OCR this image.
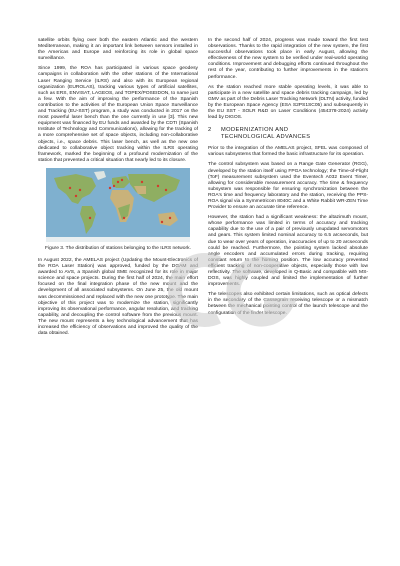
satellite orbits flying over both the eastern Atlantic and the western Mediterranean, making it an important link between sensors installed in the Americas and Europe and reinforcing its role in global space surveillance.

Since 1999, the ROA has participated in various space geodesy campaigns in collaboration with the other stations of the International Laser Ranging Service (ILRS) and also with its European regional organization (EUROLAS), tracking various types of artificial satellites, such as ERS, ENVISAT, LAGEOS, and TOPEX/POSEIDON, to name just a few. With the aim of improving the performance of the Spanish contribution to the activities of the European Union Space Surveillance and Tracking (EU-SST) program, a study was conducted in 2017 on the most powerful laser bench than the one currently in use [3]. This new equipment was financed by EU funds and awarded by the CDTI (Spanish Institute of Technology and Communications), allowing for the tracking of a more comprehensive set of space objects, including non-collaborative objects, i.e., space debris. This laser bench, as well as the new one dedicated to collaborative object tracking within the ILRS operating framework, marked the beginning of a profound modernization of the station that prevented a critical situation that nearly led to its closure.

Figure 3. The distribution of stations belonging to the ILRS network.

In August 2022, the AMELAS project (Updating the Mount-Electronics of the ROA Laser Station) was approved, funded by the DGAM and awarded to AVS, a Spanish global SME recognized for its role in major science and space projects. During the first half of 2024, the main effort focused on the final integration phase of the new mount and the development of all associated subsystems. On June 25, the old mount was decommissioned and replaced with the new one prototype. The main objective of this project was to modernize the station, significantly improving its observational performance, angular resolution, and tracking capability, and decoupling the control software from the previous mount. The new mount represents a key technological advancement that has increased the efficiency of observations and improved the quality of the data obtained.

In the second half of 2024, progress was made toward the first test observations. Thanks to the rapid integration of the new system, the first successful observations took place in early August, allowing the effectiveness of the new system to be verified under real-world operating conditions. Improvement and debugging efforts continued throughout the rest of the year, contributing to further improvements in the station's performance.

As the station reached more stable operating levels, it was able to participate in a new satellite and space debris tracking campaign, led by GMV as part of the Debris Laser Tracking Network (DLTN) activity, funded by the European Space Agency (ESA S2PS1SC05) and subsequently in the EU SST - SOLR R&D on Laser Conditions (454378-2024) activity lead by DIGOS.

2 MODERNIZATION AND
TECHNOLOGICAL ADVANCES

Prior to the integration of the AMELAS project, SFEL was composed of various subsystems that formed the basic infrastructure for its operation.

The control subsystem was based on a Range Gate Generator (RGG), developed by the station itself using FPGA technology; the Time-of-Flight (ToF) measurement subsystem used the Eventech A032 Event Timer, allowing for considerable measurement accuracy. The time & frequency subsystem was responsible for ensuring synchronization between the ROA's time and frequency laboratory and the station, receiving the PPS-ROA signal via a Symmetricom 8040C and a White Rabbit WR-ZEN Time Provider to ensure an accurate time reference.

However, the station had a significant weakness: the altazimuth mount, whose performance was limited in terms of accuracy and tracking capability due to the use of a pair of previously unupdated servomotors and gears. This system limited nominal accuracy to 6.5 arcseconds, but due to wear over years of operation, inaccuracies of up to 20 arcseconds could be reached. Furthermore, the pointing system lacked absolute angle encoders and accumulated errors during tracking, requiring constant return to the homing position. The low accuracy prevented efficient tracking of non-cooperative objects, especially those with low reflectivity. The software, developed in Q-Basic and compatible with MS-DOS, was highly coupled and limited the implementation of further improvements.

The telescopes also exhibited certain limitations, such as optical defects in the secondary of the Cassegrain receiving telescope or a mismatch between the mechanical pointing control of the launch telescope and the configuration of the finder telescope.
